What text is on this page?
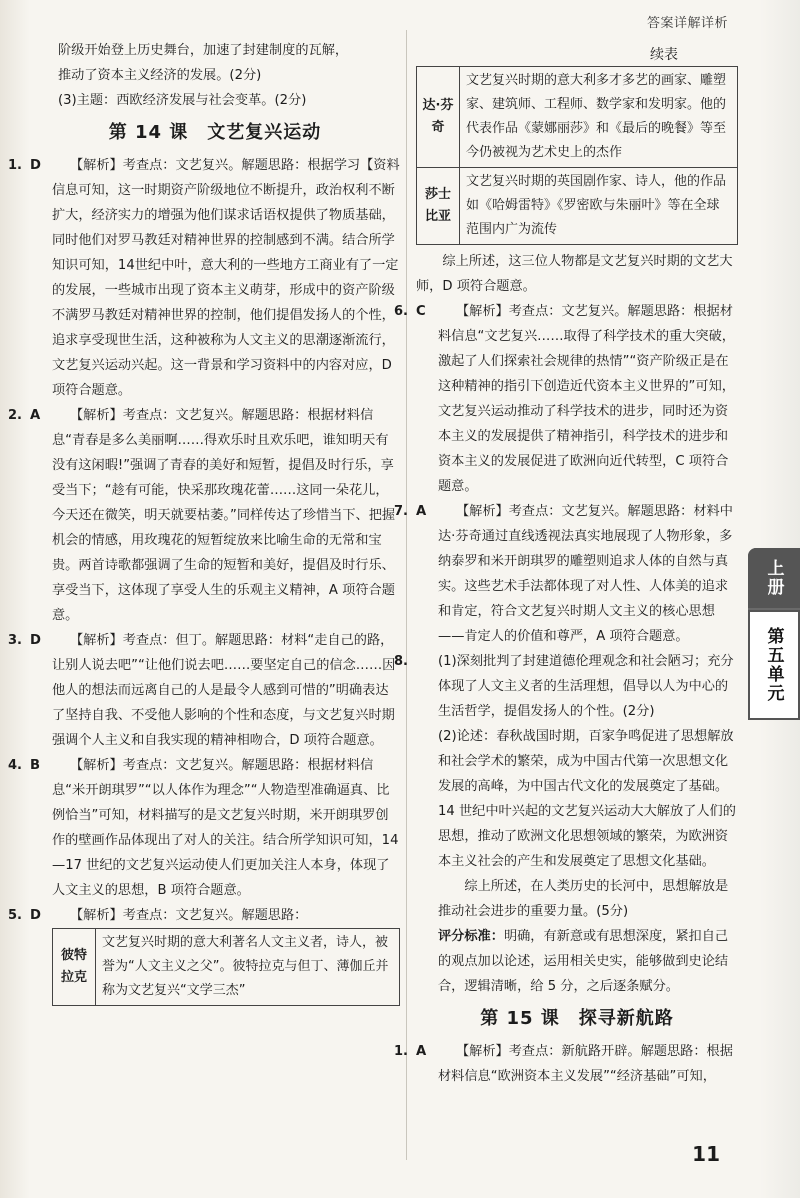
答案详解详析

阶级开始登上历史舞台，加速了封建制度的瓦解，

推动了资本主义经济的发展。(2分)

(3)主题：西欧经济发展与社会变革。(2分)

第 14 课　文艺复兴运动

1. D 【解析】考查点：文艺复兴。解题思路：根据学习【资料信息可知，这一时期资产阶级地位不断提升，政治权利不断扩大，经济实力的增强为他们谋求话语权提供了物质基础，同时他们对罗马教廷对精神世界的控制感到不满。结合所学知识可知，14世纪中叶，意大利的一些地方工商业有了一定的发展，一些城市出现了资本主义萌芽，形成中的资产阶级不满罗马教廷对精神世界的控制，他们提倡发扬人的个性，追求享受现世生活，这种被称为人文主义的思潮逐渐流行，文艺复兴运动兴起。这一背景和学习资料中的内容对应，D 项符合题意。

2. A 【解析】考查点：文艺复兴。解题思路：根据材料信息“青春是多么美丽啊……得欢乐时且欢乐吧，谁知明天有没有这闲暇!”强调了青春的美好和短暂，提倡及时行乐，享受当下；“趁有可能，快采那玫瑰花蕾……这同一朵花儿，今天还在微笑，明天就要枯萎。”同样传达了珍惜当下、把握机会的情感，用玫瑰花的短暂绽放来比喻生命的无常和宝贵。两首诗歌都强调了生命的短暂和美好，提倡及时行乐、享受当下，这体现了享受人生的乐观主义精神，A 项符合题意。

3. D 【解析】考查点：但丁。解题思路：材料“走自己的路，让别人说去吧”“让他们说去吧……要坚定自己的信念……因他人的想法而远离自己的人是最令人感到可惜的”明确表达了坚持自我、不受他人影响的个性和态度，与文艺复兴时期强调个人主义和自我实现的精神相吻合，D 项符合题意。

4. B 【解析】考查点：文艺复兴。解题思路：根据材料信息“米开朗琪罗”“以人体作为理念”“人物造型准确逼真、比例恰当”可知，材料描写的是文艺复兴时期，米开朗琪罗创作的壁画作品体现出了对人的关注。结合所学知识可知，14—17 世纪的文艺复兴运动使人们更加关注人本身，体现了人文主义的思想，B 项符合题意。

5. D 【解析】考查点：文艺复兴。解题思路：

彼特拉克	文艺复兴时期的意大利著名人文主义者，诗人，被誉为“人文主义之父”。彼特拉克与但丁、薄伽丘并称为文艺复兴“文学三杰”
续表
达·芬奇	文艺复兴时期的意大利多才多艺的画家、雕塑家、建筑师、工程师、数学家和发明家。他的代表作品《蒙娜丽莎》和《最后的晚餐》等至今仍被视为艺术史上的杰作
莎士比亚	文艺复兴时期的英国剧作家、诗人，他的作品如《哈姆雷特》《罗密欧与朱丽叶》等在全球范围内广为流传

综上所述，这三位人物都是文艺复兴时期的文艺大师，D 项符合题意。

6. C 【解析】考查点：文艺复兴。解题思路：根据材料信息“文艺复兴……取得了科学技术的重大突破，激起了人们探索社会规律的热情”“资产阶级正是在这种精神的指引下创造近代资本主义世界的”可知，文艺复兴运动推动了科学技术的进步，同时还为资本主义的发展提供了精神指引，科学技术的进步和资本主义的发展促进了欧洲向近代转型，C 项符合题意。

7. A 【解析】考查点：文艺复兴。解题思路：材料中达·芬奇通过直线透视法真实地展现了人物形象，多纳泰罗和米开朗琪罗的雕塑则追求人体的自然与真实。这些艺术手法都体现了对人性、人体美的追求和肯定，符合文艺复兴时期人文主义的核心思想——肯定人的价值和尊严，A 项符合题意。

8. (1)深刻批判了封建道德伦理观念和社会陋习；充分体现了人文主义者的生活理想，倡导以人为中心的生活哲学，提倡发扬人的个性。(2分)

(2)论述：春秋战国时期，百家争鸣促进了思想解放和社会学术的繁荣，成为中国古代第一次思想文化发展的高峰，为中国古代文化的发展奠定了基础。14 世纪中叶兴起的文艺复兴运动大大解放了人们的思想，推动了欧洲文化思想领域的繁荣，为欧洲资本主义社会的产生和发展奠定了思想文化基础。

综上所述，在人类历史的长河中，思想解放是推动社会进步的重要力量。(5分)

评分标准：明确，有新意或有思想深度，紧扣自己的观点加以论述，运用相关史实，能够做到史论结合，逻辑清晰，给 5 分，之后逐条赋分。

第 15 课　探寻新航路

1. A 【解析】考查点：新航路开辟。解题思路：根据材料信息“欧洲资本主义发展”“经济基础”可知，

上册
第五单元
11
